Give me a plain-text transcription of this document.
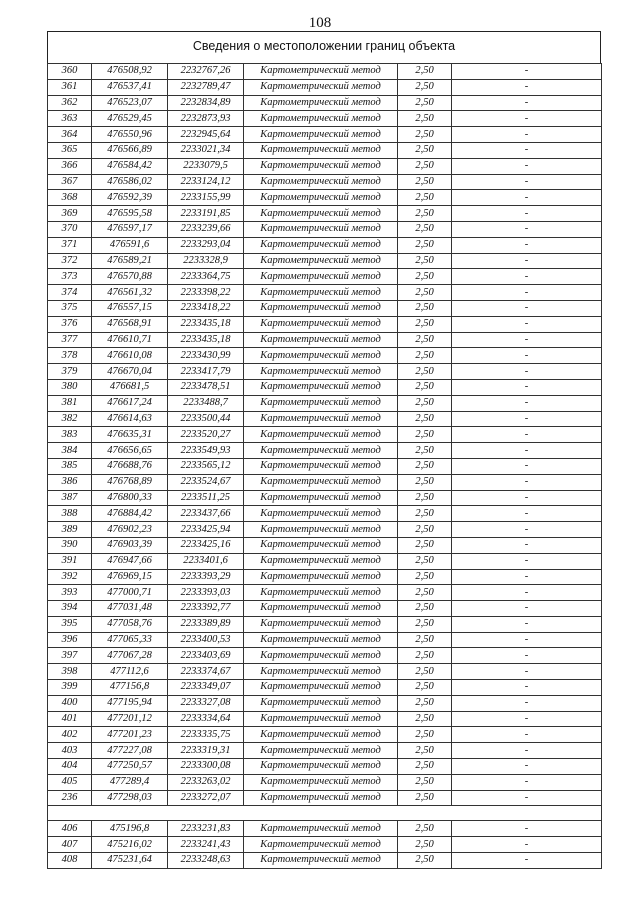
108
Сведения о местоположении границ объекта
360	476508,92	2232767,26	Картометрический метод	2,50	-
361	476537,41	2232789,47	Картометрический метод	2,50	-
362	476523,07	2232834,89	Картометрический метод	2,50	-
363	476529,45	2232873,93	Картометрический метод	2,50	-
364	476550,96	2232945,64	Картометрический метод	2,50	-
365	476566,89	2233021,34	Картометрический метод	2,50	-
366	476584,42	2233079,5	Картометрический метод	2,50	-
367	476586,02	2233124,12	Картометрический метод	2,50	-
368	476592,39	2233155,99	Картометрический метод	2,50	-
369	476595,58	2233191,85	Картометрический метод	2,50	-
370	476597,17	2233239,66	Картометрический метод	2,50	-
371	476591,6	2233293,04	Картометрический метод	2,50	-
372	476589,21	2233328,9	Картометрический метод	2,50	-
373	476570,88	2233364,75	Картометрический метод	2,50	-
374	476561,32	2233398,22	Картометрический метод	2,50	-
375	476557,15	2233418,22	Картометрический метод	2,50	-
376	476568,91	2233435,18	Картометрический метод	2,50	-
377	476610,71	2233435,18	Картометрический метод	2,50	-
378	476610,08	2233430,99	Картометрический метод	2,50	-
379	476670,04	2233417,79	Картометрический метод	2,50	-
380	476681,5	2233478,51	Картометрический метод	2,50	-
381	476617,24	2233488,7	Картометрический метод	2,50	-
382	476614,63	2233500,44	Картометрический метод	2,50	-
383	476635,31	2233520,27	Картометрический метод	2,50	-
384	476656,65	2233549,93	Картометрический метод	2,50	-
385	476688,76	2233565,12	Картометрический метод	2,50	-
386	476768,89	2233524,67	Картометрический метод	2,50	-
387	476800,33	2233511,25	Картометрический метод	2,50	-
388	476884,42	2233437,66	Картометрический метод	2,50	-
389	476902,23	2233425,94	Картометрический метод	2,50	-
390	476903,39	2233425,16	Картометрический метод	2,50	-
391	476947,66	2233401,6	Картометрический метод	2,50	-
392	476969,15	2233393,29	Картометрический метод	2,50	-
393	477000,71	2233393,03	Картометрический метод	2,50	-
394	477031,48	2233392,77	Картометрический метод	2,50	-
395	477058,76	2233389,89	Картометрический метод	2,50	-
396	477065,33	2233400,53	Картометрический метод	2,50	-
397	477067,28	2233403,69	Картометрический метод	2,50	-
398	477112,6	2233374,67	Картометрический метод	2,50	-
399	477156,8	2233349,07	Картометрический метод	2,50	-
400	477195,94	2233327,08	Картометрический метод	2,50	-
401	477201,12	2233334,64	Картометрический метод	2,50	-
402	477201,23	2233335,75	Картометрический метод	2,50	-
403	477227,08	2233319,31	Картометрический метод	2,50	-
404	477250,57	2233300,08	Картометрический метод	2,50	-
405	477289,4	2233263,02	Картометрический метод	2,50	-
236	477298,03	2233272,07	Картометрический метод	2,50	-

406	475196,8	2233231,83	Картометрический метод	2,50	-
407	475216,02	2233241,43	Картометрический метод	2,50	-
408	475231,64	2233248,63	Картометрический метод	2,50	-
